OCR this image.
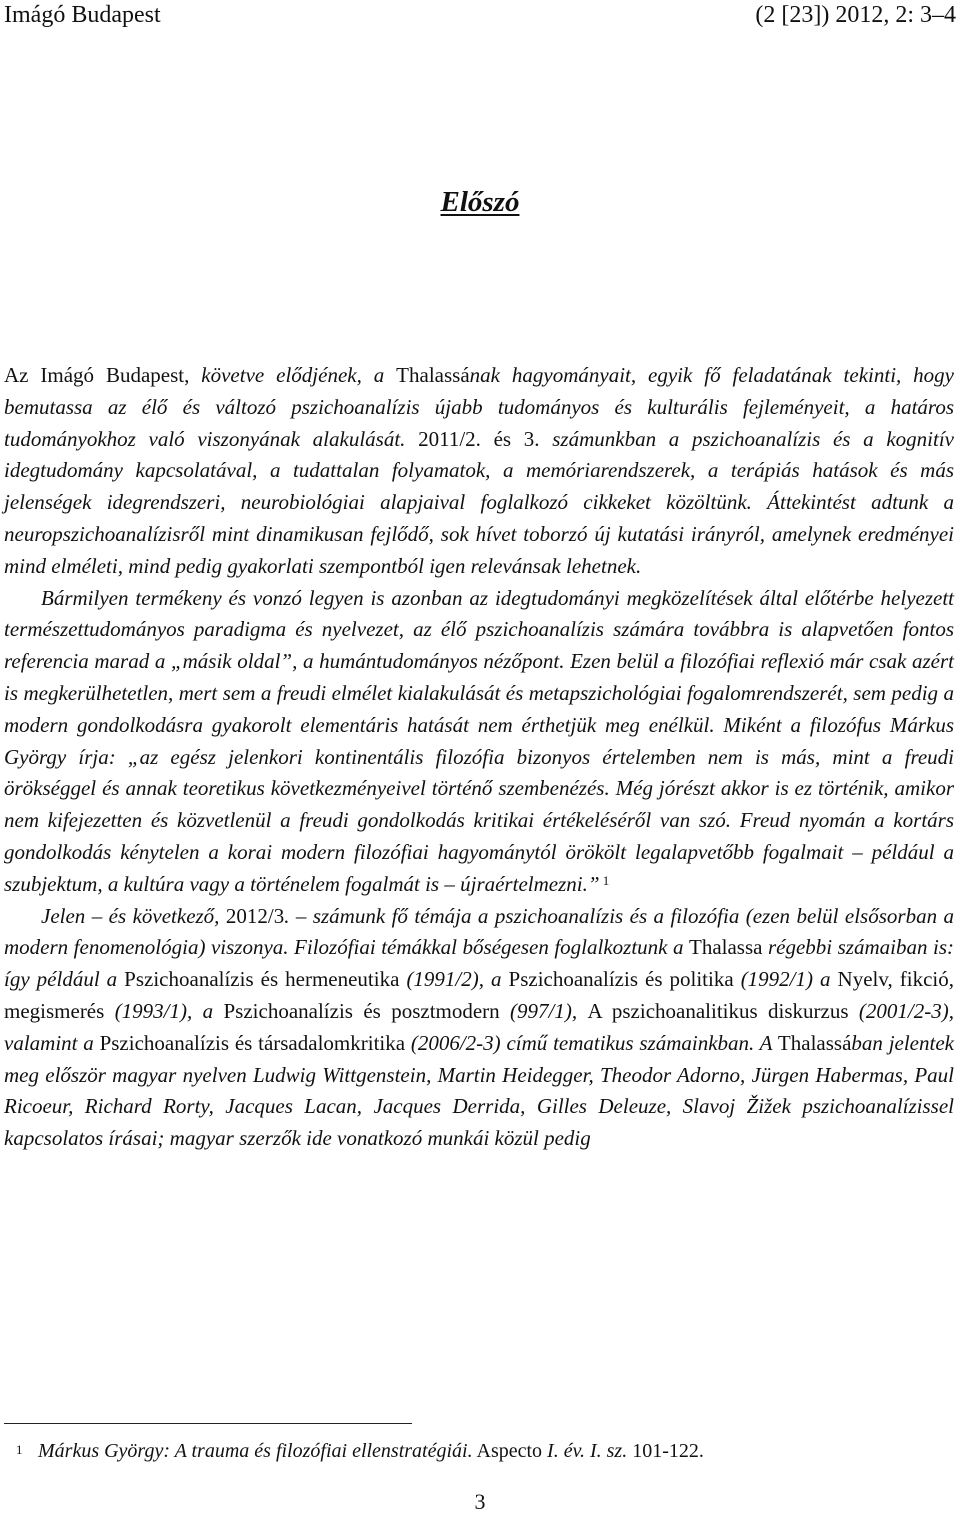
Imágó Budapest	(2 [23]) 2012, 2: 3–4
Előszó

Az Imágó Budapest, követve elődjének, a Thalassának hagyományait, egyik fő feladatának tekinti, hogy bemutassa az élő és változó pszichoanalízis újabb tudományos és kulturális fejleményeit, a határos tudományokhoz való viszonyának alakulását. 2011/2. és 3. számunkban a pszichoanalízis és a kognitív idegtudomány kapcsolatával, a tudattalan folyamatok, a memóriarendszerek, a terápiás hatások és más jelenségek idegrendszeri, neurobiológiai alapjaival foglalkozó cikkeket közöltünk. Áttekintést adtunk a neuropszichoanalízisről mint dinamikusan fejlődő, sok hívet toborzó új kutatási irányról, amelynek eredményei mind elméleti, mind pedig gyakorlati szempontból igen relevánsak lehetnek.

Bármilyen termékeny és vonzó legyen is azonban az idegtudományi megközelítések által előtérbe helyezett természettudományos paradigma és nyelvezet, az élő pszichoanalízis számára továbbra is alapvetően fontos referencia marad a „másik oldal”, a humántudományos nézőpont. Ezen belül a filozófiai reflexió már csak azért is megkerülhetetlen, mert sem a freudi elmélet kialakulását és metapszichológiai fogalomrendszerét, sem pedig a modern gondolkodásra gyakorolt elementáris hatását nem érthetjük meg enélkül. Miként a filozófus Márkus György írja: „az egész jelenkori kontinentális filozófia bizonyos értelemben nem is más, mint a freudi örökséggel és annak teoretikus következményeivel történő szembenézés. Még jórészt akkor is ez történik, amikor nem kifejezetten és közvetlenül a freudi gondolkodás kritikai értékeléséről van szó. Freud nyomán a kortárs gondolkodás kénytelen a korai modern filozófiai hagyománytól örökölt legalapvetőbb fogalmait – például a szubjektum, a kultúra vagy a történelem fogalmát is – újraértelmezni.” $^1$

Jelen – és következő, 2012/3. – számunk fő témája a pszichoanalízis és a filozófia (ezen belül elsősorban a modern fenomenológia) viszonya. Filozófiai témákkal bőségesen foglalkoztunk a Thalassa régebbi számaiban is: így például a Pszichoanalízis és hermeneutika (1991/2), a Pszichoanalízis és politika (1992/1) a Nyelv, fikció, megismerés (1993/1), a Pszichoanalízis és posztmodern (997/1), A pszichoanalitikus diskurzus (2001/2-3), valamint a Pszichoanalízis és társadalomkritika (2006/2-3) című tematikus számainkban. A Thalassában jelentek meg először magyar nyelven Ludwig Wittgenstein, Martin Heidegger, Theodor Adorno, Jürgen Habermas, Paul Ricoeur, Richard Rorty, Jacques Lacan, Jacques Derrida, Gilles Deleuze, Slavoj Žižek pszichoanalízissel kapcsolatos írásai; magyar szerzők ide vonatkozó munkái közül pedig

1 Márkus György: A trauma és filozófiai ellenstratégiái. Aspecto I. év. I. sz. 101-122.
3
